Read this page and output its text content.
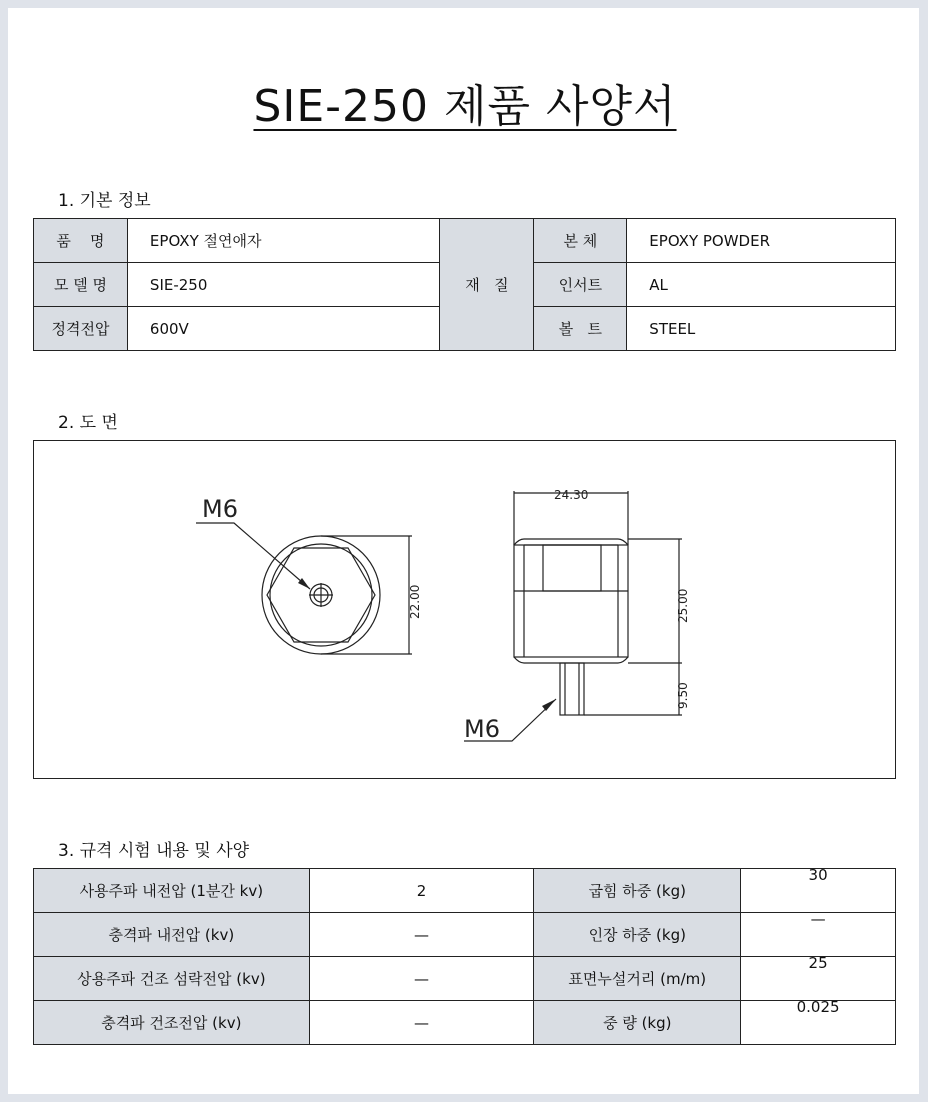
SIE-250 제품 사양서
1. 기본 정보
품    명	EPOXY 절연애자	재   질	본 체	EPOXY POWDER
모 델 명	SIE-250		인서트	AL
정격전압	600V		볼   트	STEEL
2. 도 면
M6
M6
24.30
22.00	25.00
9.50
3. 규격 시험 내용 및 사양
사용주파 내전압 (1분간 kv)	2	굽힘 하중 (kg)	30

충격파 내전압 (kv)	—	인장 하중 (kg)	—

상용주파 건조 섬락전압 (kv)	—	표면누설거리 (m/m)	25

충격파 건조전압 (kv)	—	중 량 (kg)	0.025
